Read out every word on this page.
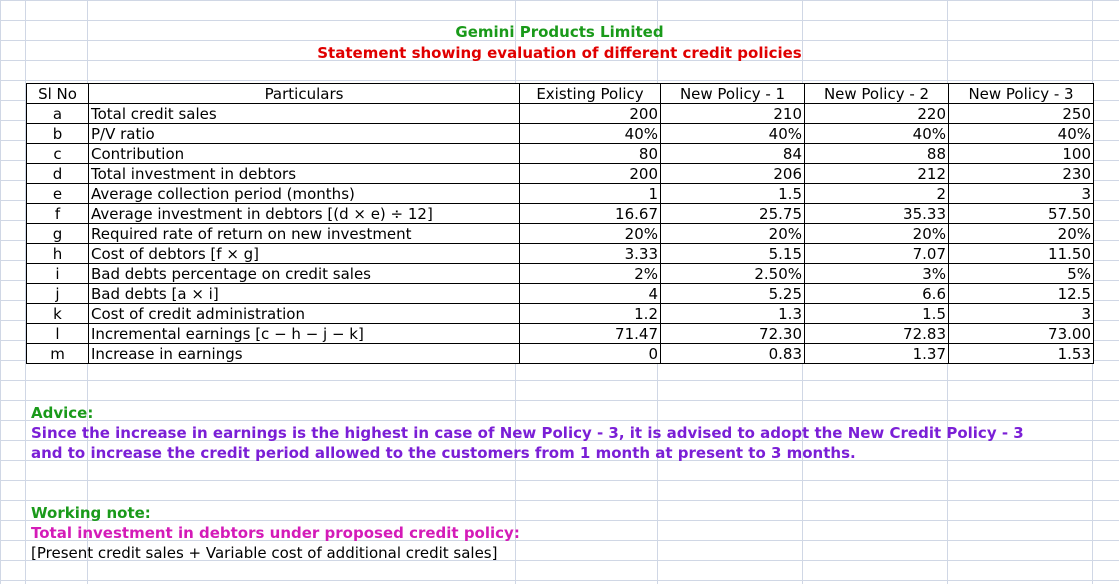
Gemini Products Limited
Statement showing evaluation of different credit policies
Sl No	Particulars	Existing Policy	New Policy - 1	New Policy - 2	New Policy - 3
a	Total credit sales	200	210	220	250
b	P/V ratio	40%	40%	40%	40%
c	Contribution	80	84	88	100
d	Total investment in debtors	200	206	212	230
e	Average collection period (months)	1	1.5	2	3
f	Average investment in debtors [(d × e) ÷ 12]	16.67	25.75	35.33	57.50
g	Required rate of return on new investment	20%	20%	20%	20%
h	Cost of debtors [f × g]	3.33	5.15	7.07	11.50
i	Bad debts percentage on credit sales	2%	2.50%	3%	5%
j	Bad debts [a × i]	4	5.25	6.6	12.5
k	Cost of credit administration	1.2	1.3	1.5	3
l	Incremental earnings [c − h − j − k]	71.47	72.30	72.83	73.00
m	Increase in earnings	0	0.83	1.37	1.53
Advice:
Since the increase in earnings is the highest in case of New Policy - 3, it is advised to adopt the New Credit Policy - 3
and to increase the credit period allowed to the customers from 1 month at present to 3 months.
Working note:
Total investment in debtors under proposed credit policy:
[Present credit sales + Variable cost of additional credit sales]
